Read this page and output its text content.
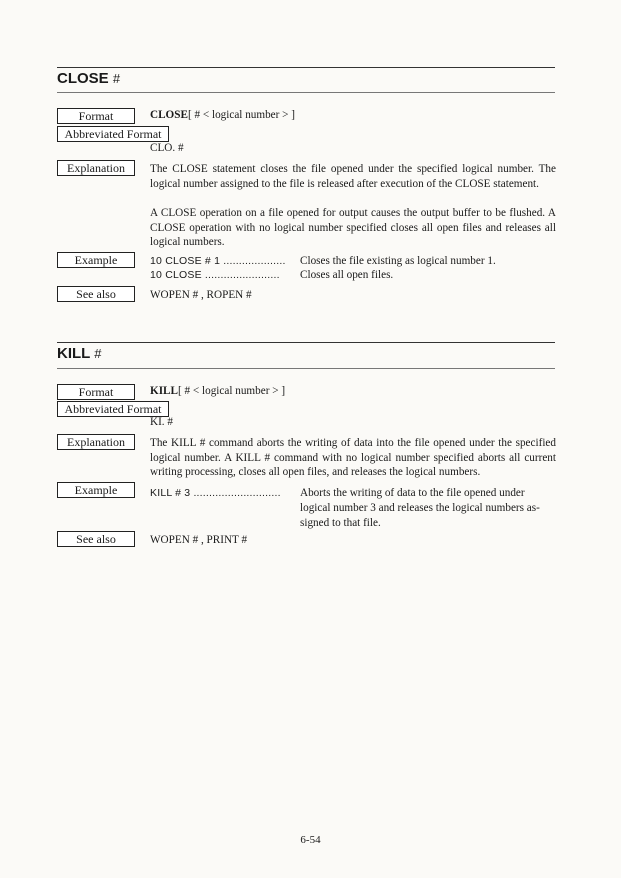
CLOSE #
Format	CLOSE[ # < logical number > ]
Abbreviated Format
CLO. #
Explanation	The CLOSE statement closes the file opened under the specified logical number. The logical number assigned to the file is released after execution of the CLOSE statement.
A CLOSE operation on a file opened for output causes the output buffer to be flushed. A CLOSE operation with no logical number specified closes all open files and releases all logical numbers.
Example	10 CLOSE # 1 .................... Closes the file existing as logical number 1.
10 CLOSE ........................ Closes all open files.
See also	WOPEN # , ROPEN #
KILL #
Format	KILL[ # < logical number > ]
Abbreviated Format
KI. #
Explanation	The KILL # command aborts the writing of data into the file opened under the specified logical number. A KILL # command with no logical number specified aborts all current writing processing, closes all open files, and releases the logical numbers.
Example	KILL # 3 ............................ Aborts the writing of data to the file opened under
logical number 3 and releases the logical numbers as-
signed to that file.
See also	WOPEN # , PRINT #
6-54
